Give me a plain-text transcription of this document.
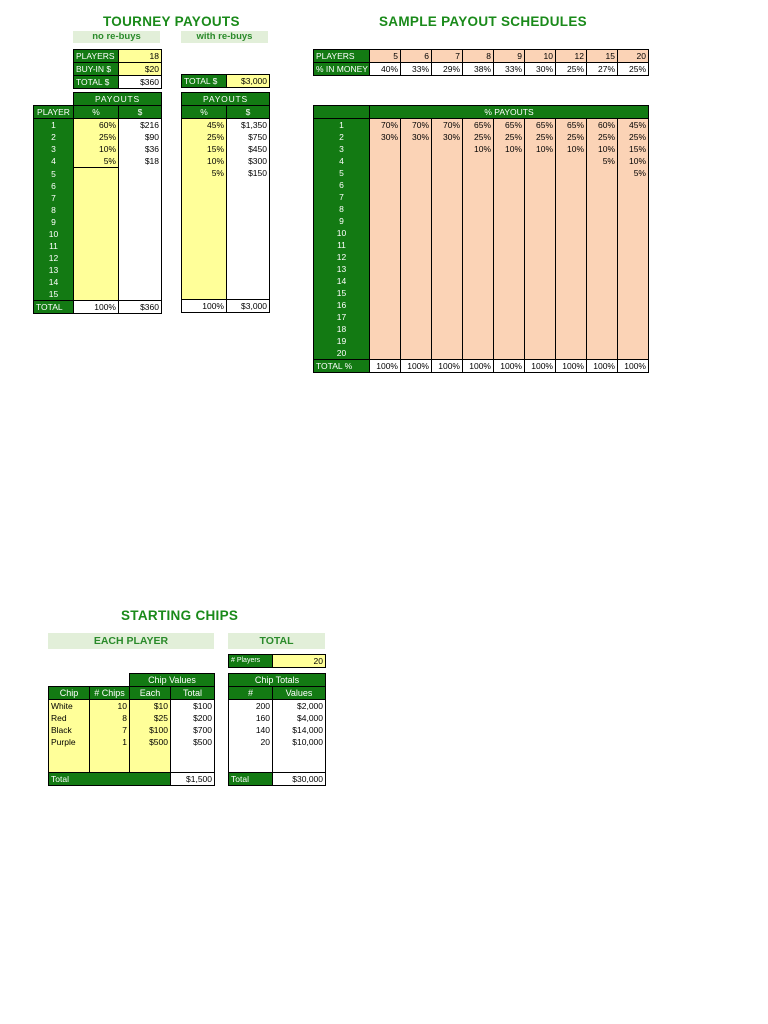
TOURNEY PAYOUTS
no re-buys	with re-buys
PLAYERS	18
BUY-IN $	$20
TOTAL $	$360	TOTAL $	$3,000
	PAYOUTS	
PLAYER	%	$
1	60%	$216
2	25%	$90
3	10%	$36
4	5%	$18
5		
6		
7		
8		
9		
10		
11		
12		
13		
14		
15		
TOTAL	100%	$360
PAYOUTS	
%	$
45%	$1,350
25%	$750
15%	$450
10%	$300
5%	$150

100%	$3,000
SAMPLE PAYOUT SCHEDULES
PLAYERS	5	6	7	8	9	10	12	15	20
% IN MONEY	40%	33%	29%	38%	33%	30%	25%	27%	25%
	% PAYOUTS								
1	70%	70%	70%	65%	65%	65%	65%	60%	45%
2	30%	30%	30%	25%	25%	25%	25%	25%	25%
3				10%	10%	10%	10%	10%	15%
4								5%	10%
5									5%
6									
7									
8									
9									
10									
11									
12									
13									
14									
15									
16									
17									
18									
19									
20									
TOTAL %	100%	100%	100%	100%	100%	100%	100%	100%	100%
STARTING CHIPS
EACH PLAYER	TOTAL
# Players	20
		Chip Values	
Chip	# Chips	Each	Total
White	10	$10	$100
Red	8	$25	$200
Black	7	$100	$700
Purple	1	$500	$500

Total			$1,500
Chip Totals	
#	Values
200	$2,000
160	$4,000
140	$14,000
20	$10,000

Total	$30,000
